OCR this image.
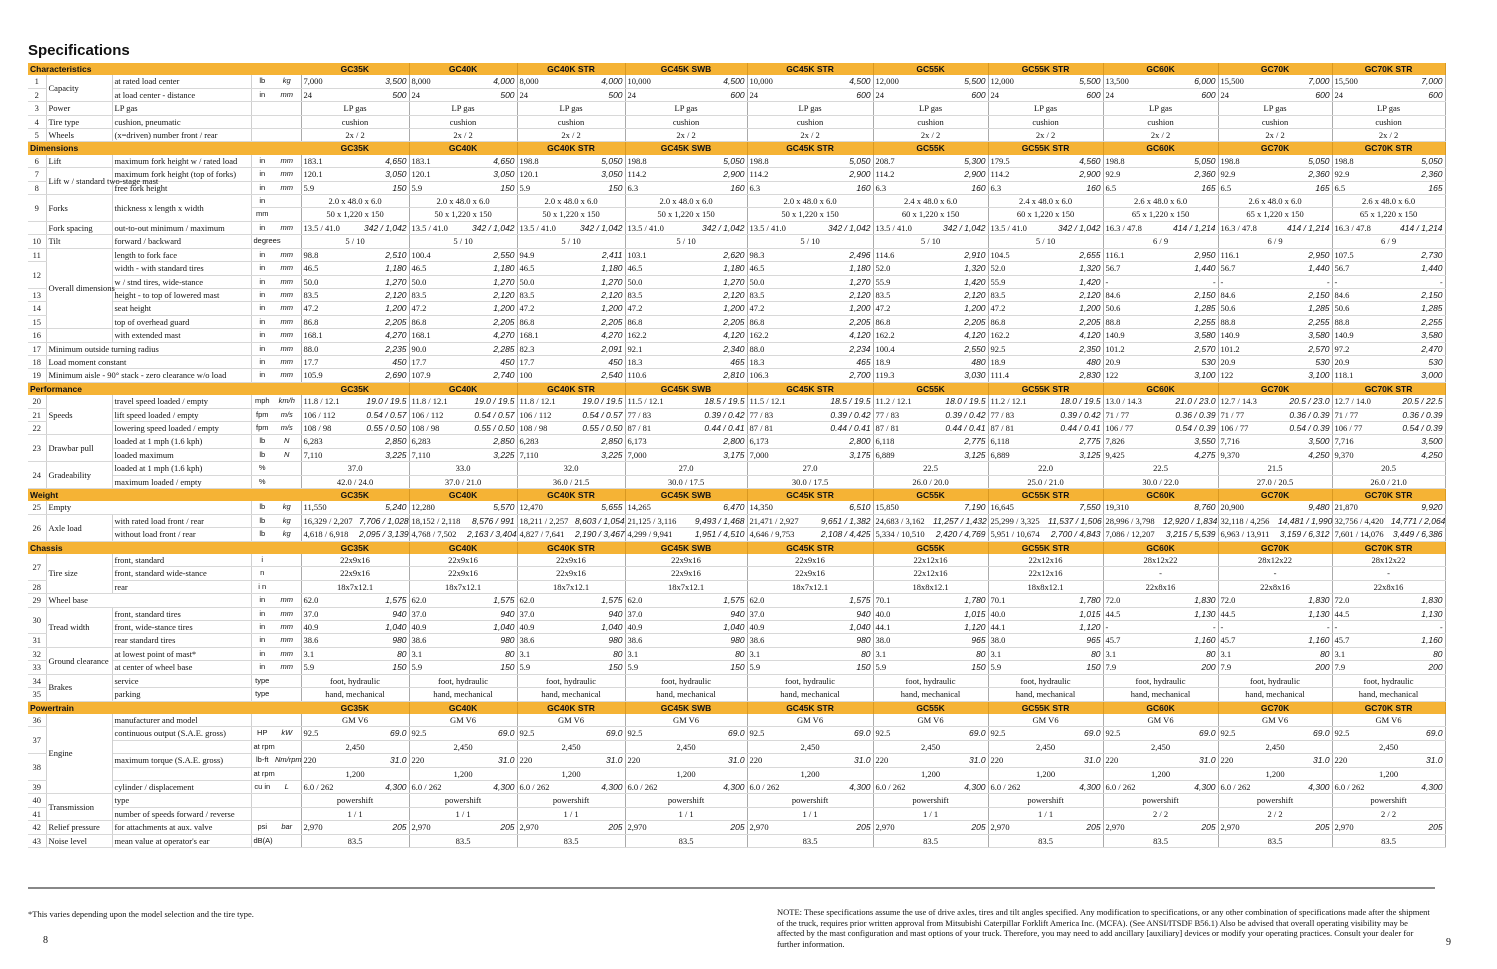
Specifications
Characteristics					GC35K		GC40K		GC40K STR		GC45K SWB		GC45K STR		GC55K		GC55K STR		GC60K		GC70K		GC70K STR	
1	Capacity	at rated load center	lb	kg	7,000	3,500	8,000	4,000	8,000	4,000	10,000	4,500	10,000	4,500	12,000	5,500	12,000	5,500	13,500	6,000	15,500	7,000	15,500	7,000
2		at load center - distance	in	mm	24	500	24	500	24	500	24	600	24	600	24	600	24	600	24	600	24	600	24	600
3	Power	LP gas			LP gas		LP gas		LP gas		LP gas		LP gas		LP gas		LP gas		LP gas		LP gas		LP gas	
4	Tire type	cushion, pneumatic			cushion		cushion		cushion		cushion		cushion		cushion		cushion		cushion		cushion		cushion	
5	Wheels	(x=driven) number front / rear			2x / 2		2x / 2		2x / 2		2x / 2		2x / 2		2x / 2		2x / 2		2x / 2		2x / 2		2x / 2	
Dimensions					GC35K		GC40K		GC40K STR		GC45K SWB		GC45K STR		GC55K		GC55K STR		GC60K		GC70K		GC70K STR	
6	Lift	maximum fork height w / rated load	in	mm	183.1	4,650	183.1	4,650	198.8	5,050	198.8	5,050	198.8	5,050	208.7	5,300	179.5	4,560	198.8	5,050	198.8	5,050	198.8	5,050
7	Lift w / standard two-stage mast	maximum fork height (top of forks)	in	mm	120.1	3,050	120.1	3,050	120.1	3,050	114.2	2,900	114.2	2,900	114.2	2,900	114.2	2,900	92.9	2,360	92.9	2,360	92.9	2,360
8		free fork height	in	mm	5.9	150	5.9	150	5.9	150	6.3	160	6.3	160	6.3	160	6.3	160	6.5	165	6.5	165	6.5	165
9	Forks	thickness x length x width	in		2.0 x 48.0 x 6.0		2.0 x 48.0 x 6.0		2.0 x 48.0 x 6.0		2.0 x 48.0 x 6.0		2.0 x 48.0 x 6.0		2.4 x 48.0 x 6.0		2.4 x 48.0 x 6.0		2.6 x 48.0 x 6.0		2.6 x 48.0 x 6.0		2.6 x 48.0 x 6.0	
			mm		50 x 1,220 x 150		50 x 1,220 x 150		50 x 1,220 x 150		50 x 1,220 x 150		50 x 1,220 x 150		60 x 1,220 x 150		60 x 1,220 x 150		65 x 1,220 x 150		65 x 1,220 x 150		65 x 1,220 x 150	
	Fork spacing	out-to-out minimum / maximum	in	mm	13.5 / 41.0	342 / 1,042	13.5 / 41.0	342 / 1,042	13.5 / 41.0	342 / 1,042	13.5 / 41.0	342 / 1,042	13.5 / 41.0	342 / 1,042	13.5 / 41.0	342 / 1,042	13.5 / 41.0	342 / 1,042	16.3 / 47.8	414 / 1,214	16.3 / 47.8	414 / 1,214	16.3 / 47.8	414 / 1,214
10	Tilt	forward / backward	degrees		5 / 10		5 / 10		5 / 10		5 / 10		5 / 10		5 / 10		5 / 10		6 / 9		6 / 9		6 / 9	
11	Overall dimensions	length to fork face	in	mm	98.8	2,510	100.4	2,550	94.9	2,411	103.1	2,620	98.3	2,496	114.6	2,910	104.5	2,655	116.1	2,950	116.1	2,950	107.5	2,730
12		width - with standard tires	in	mm	46.5	1,180	46.5	1,180	46.5	1,180	46.5	1,180	46.5	1,180	52.0	1,320	52.0	1,320	56.7	1,440	56.7	1,440	56.7	1,440
		w / stnd tires, wide-stance	in	mm	50.0	1,270	50.0	1,270	50.0	1,270	50.0	1,270	50.0	1,270	55.9	1,420	55.9	1,420	-	-	-	-	-	-
13		height - to top of lowered mast	in	mm	83.5	2,120	83.5	2,120	83.5	2,120	83.5	2,120	83.5	2,120	83.5	2,120	83.5	2,120	84.6	2,150	84.6	2,150	84.6	2,150
14		seat height	in	mm	47.2	1,200	47.2	1,200	47.2	1,200	47.2	1,200	47.2	1,200	47.2	1,200	47.2	1,200	50.6	1,285	50.6	1,285	50.6	1,285
15		top of overhead guard	in	mm	86.8	2,205	86.8	2,205	86.8	2,205	86.8	2,205	86.8	2,205	86.8	2,205	86.8	2,205	88.8	2,255	88.8	2,255	88.8	2,255
16		with extended mast	in	mm	168.1	4,270	168.1	4,270	168.1	4,270	162.2	4,120	162.2	4,120	162.2	4,120	162.2	4,120	140.9	3,580	140.9	3,580	140.9	3,580
17	Minimum outside turning radius		in	mm	88.0	2,235	90.0	2,285	82.3	2,091	92.1	2,340	88.0	2,234	100.4	2,550	92.5	2,350	101.2	2,570	101.2	2,570	97.2	2,470
18	Load moment constant		in	mm	17.7	450	17.7	450	17.7	450	18.3	465	18.3	465	18.9	480	18.9	480	20.9	530	20.9	530	20.9	530
19	Minimum aisle - 90° stack - zero clearance w/o load		in	mm	105.9	2,690	107.9	2,740	100	2,540	110.6	2,810	106.3	2,700	119.3	3,030	111.4	2,830	122	3,100	122	3,100	118.1	3,000
Performance					GC35K		GC40K		GC40K STR		GC45K SWB		GC45K STR		GC55K		GC55K STR		GC60K		GC70K		GC70K STR	
20	Speeds	travel speed loaded / empty	mph	km/h	11.8 / 12.1	19.0 / 19.5	11.8 / 12.1	19.0 / 19.5	11.8 / 12.1	19.0 / 19.5	11.5 / 12.1	18.5 / 19.5	11.5 / 12.1	18.5 / 19.5	11.2 / 12.1	18.0 / 19.5	11.2 / 12.1	18.0 / 19.5	13.0 / 14.3	21.0 / 23.0	12.7 / 14.3	20.5 / 23.0	12.7 / 14.0	20.5 / 22.5
21		lift speed loaded / empty	fpm	m/s	106 / 112	0.54 / 0.57	106 / 112	0.54 / 0.57	106 / 112	0.54 / 0.57	77 / 83	0.39 / 0.42	77 / 83	0.39 / 0.42	77 / 83	0.39 / 0.42	77 / 83	0.39 / 0.42	71 / 77	0.36 / 0.39	71 / 77	0.36 / 0.39	71 / 77	0.36 / 0.39
22		lowering speed loaded / empty	fpm	m/s	108 / 98	0.55 / 0.50	108 / 98	0.55 / 0.50	108 / 98	0.55 / 0.50	87 / 81	0.44 / 0.41	87 / 81	0.44 / 0.41	87 / 81	0.44 / 0.41	87 / 81	0.44 / 0.41	106 / 77	0.54 / 0.39	106 / 77	0.54 / 0.39	106 / 77	0.54 / 0.39
23	Drawbar pull	loaded at 1 mph (1.6 kph)	lb	N	6,283	2,850	6,283	2,850	6,283	2,850	6,173	2,800	6,173	2,800	6,118	2,775	6,118	2,775	7,826	3,550	7,716	3,500	7,716	3,500
		loaded maximum	lb	N	7,110	3,225	7,110	3,225	7,110	3,225	7,000	3,175	7,000	3,175	6,889	3,125	6,889	3,125	9,425	4,275	9,370	4,250	9,370	4,250
24	Gradeability	loaded at 1 mph (1.6 kph)	%		37.0		33.0		32.0		27.0		27.0		22.5		22.0		22.5		21.5		20.5	
		maximum loaded / empty	%		42.0 / 24.0		37.0 / 21.0		36.0 / 21.5		30.0 / 17.5		30.0 / 17.5		26.0 / 20.0		25.0 / 21.0		30.0 / 22.0		27.0 / 20.5		26.0 / 21.0	
Weight					GC35K		GC40K		GC40K STR		GC45K SWB		GC45K STR		GC55K		GC55K STR		GC60K		GC70K		GC70K STR	
25	Empty		lb	kg	11,550	5,240	12,280	5,570	12,470	5,655	14,265	6,470	14,350	6,510	15,850	7,190	16,645	7,550	19,310	8,760	20,900	9,480	21,870	9,920
26	Axle load	with rated load front / rear	lb	kg	16,329 / 2,207	7,706 / 1,028	18,152 / 2,118	8,576 / 991	18,211 / 2,257	8,603 / 1,054	21,125 / 3,116	9,493 / 1,468	21,471 / 2,927	9,651 / 1,382	24,683 / 3,162	11,257 / 1,432	25,299 / 3,325	11,537 / 1,506	28,996 / 3,798	12,920 / 1,834	32,118 / 4,256	14,481 / 1,990	32,756 / 4,420	14,771 / 2,064
		without load front / rear	lb	kg	4,618 / 6,918	2,095 / 3,139	4,768 / 7,502	2,163 / 3,404	4,827 / 7,641	2,190 / 3,467	4,299 / 9,941	1,951 / 4,510	4,646 / 9,753	2,108 / 4,425	5,334 / 10,510	2,420 / 4,769	5,951 / 10,674	2,700 / 4,843	7,086 / 12,207	3,215 / 5,539	6,963 / 13,911	3,159 / 6,312	7,601 / 14,076	3,449 / 6,386
Chassis					GC35K		GC40K		GC40K STR		GC45K SWB		GC45K STR		GC55K		GC55K STR		GC60K		GC70K		GC70K STR	
27	Tire size	front, standard	i		22x9x16		22x9x16		22x9x16		22x9x16		22x9x16		22x12x16		22x12x16		28x12x22		28x12x22		28x12x22	
		front, standard wide-stance	n		22x9x16		22x9x16		22x9x16		22x9x16		22x9x16		22x12x16		22x12x16		-		-		-	
28		rear	i n		18x7x12.1		18x7x12.1		18x7x12.1		18x7x12.1		18x7x12.1		18x8x12.1		18x8x12.1		22x8x16		22x8x16		22x8x16	
29	Wheel base		in	mm	62.0	1,575	62.0	1,575	62.0	1,575	62.0	1,575	62.0	1,575	70.1	1,780	70.1	1,780	72.0	1,830	72.0	1,830	72.0	1,830
30	Tread width	front, standard tires	in	mm	37.0	940	37.0	940	37.0	940	37.0	940	37.0	940	40.0	1,015	40.0	1,015	44.5	1,130	44.5	1,130	44.5	1,130
		front, wide-stance tires	in	mm	40.9	1,040	40.9	1,040	40.9	1,040	40.9	1,040	40.9	1,040	44.1	1,120	44.1	1,120	-	-	-	-	-	-
31		rear standard tires	in	mm	38.6	980	38.6	980	38.6	980	38.6	980	38.6	980	38.0	965	38.0	965	45.7	1,160	45.7	1,160	45.7	1,160
32	Ground clearance	at lowest point of mast*	in	mm	3.1	80	3.1	80	3.1	80	3.1	80	3.1	80	3.1	80	3.1	80	3.1	80	3.1	80	3.1	80
33		at center of wheel base	in	mm	5.9	150	5.9	150	5.9	150	5.9	150	5.9	150	5.9	150	5.9	150	7.9	200	7.9	200	7.9	200
34	Brakes	service	type		foot, hydraulic		foot, hydraulic		foot, hydraulic		foot, hydraulic		foot, hydraulic		foot, hydraulic		foot, hydraulic		foot, hydraulic		foot, hydraulic		foot, hydraulic	
35		parking	type		hand, mechanical		hand, mechanical		hand, mechanical		hand, mechanical		hand, mechanical		hand, mechanical		hand, mechanical		hand, mechanical		hand, mechanical		hand, mechanical	
Powertrain					GC35K		GC40K		GC40K STR		GC45K SWB		GC45K STR		GC55K		GC55K STR		GC60K		GC70K		GC70K STR	
36	Engine	manufacturer and model			GM V6		GM V6		GM V6		GM V6		GM V6		GM V6		GM V6		GM V6		GM V6		GM V6	
37		continuous output (S.A.E. gross)	HP	kW	92.5	69.0	92.5	69.0	92.5	69.0	92.5	69.0	92.5	69.0	92.5	69.0	92.5	69.0	92.5	69.0	92.5	69.0	92.5	69.0
			at rpm		2,450		2,450		2,450		2,450		2,450		2,450		2,450		2,450		2,450		2,450	
38		maximum torque (S.A.E. gross)	lb-ft	Nm/rpm	220	31.0	220	31.0	220	31.0	220	31.0	220	31.0	220	31.0	220	31.0	220	31.0	220	31.0	220	31.0
			at rpm		1,200		1,200		1,200		1,200		1,200		1,200		1,200		1,200		1,200		1,200	
39		cylinder / displacement	cu in	L	6.0 / 262	4,300	6.0 / 262	4,300	6.0 / 262	4,300	6.0 / 262	4,300	6.0 / 262	4,300	6.0 / 262	4,300	6.0 / 262	4,300	6.0 / 262	4,300	6.0 / 262	4,300	6.0 / 262	4,300
40	Transmission	type			powershift		powershift		powershift		powershift		powershift		powershift		powershift		powershift		powershift		powershift	
41		number of speeds forward / reverse			1 / 1		1 / 1		1 / 1		1 / 1		1 / 1		1 / 1		1 / 1		2 / 2		2 / 2		2 / 2	
42	Relief pressure	for attachments at aux. valve	psi	bar	2,970	205	2,970	205	2,970	205	2,970	205	2,970	205	2,970	205	2,970	205	2,970	205	2,970	205	2,970	205
43	Noise level	mean value at operator's ear	dB(A)		83.5		83.5		83.5		83.5		83.5		83.5		83.5		83.5		83.5		83.5	
*This varies depending upon the model selection and the tire type.	NOTE: These specifications assume the use of drive axles, tires and tilt angles specified. Any modification to specifications, or any other combination of specifications made after the shipment of the truck, requires prior written approval from Mitsubishi Caterpillar Forklift America Inc. (MCFA). (See ANSI/ITSDF B56.1) Also be advised that overall operating visibility may be affected by the mast configuration and mast options of your truck. Therefore, you may need to add ancillary [auxiliary] devices or modify your operating practices. Consult your dealer for further information.
8	9
